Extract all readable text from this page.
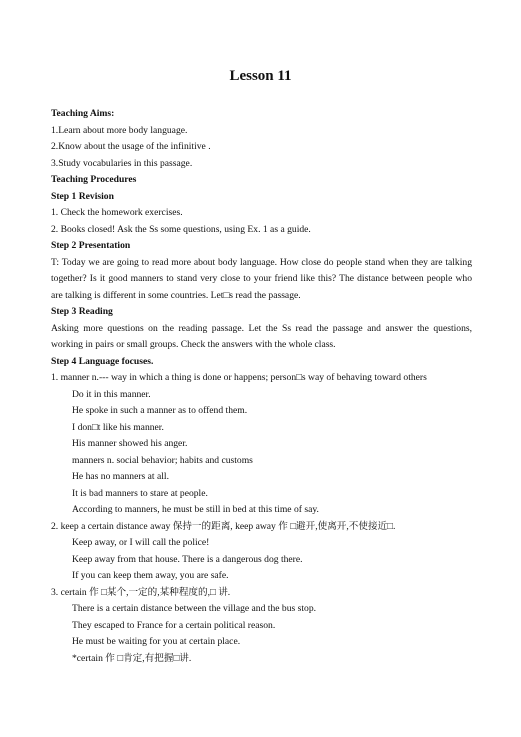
Lesson 11
Teaching Aims:
1.Learn about more body language.
2.Know about the usage of the infinitive .
3.Study vocabularies in this passage.
Teaching Procedures
Step 1 Revision
1. Check the homework exercises.
2. Books closed! Ask the Ss some questions, using Ex. 1 as a guide.
Step 2 Presentation
T: Today we are going to read more about body language. How close do people stand when they are talking together? Is it good manners to stand very close to your friend like this? The distance between people who are talking is different in some countries. Let□s read the passage.
Step 3 Reading
Asking more questions on the reading passage. Let the Ss read the passage and answer the questions, working in pairs or small groups. Check the answers with the whole class.
Step 4 Language focuses.
1. manner n.--- way in which a thing is done or happens; person□s way of behaving toward others
Do it in this manner.
He spoke in such a manner as to offend them.
I don□t like his manner.
His manner showed his anger.
manners n. social behavior; habits and customs
He has no manners at all.
It is bad manners to stare at people.
According to manners, he must be still in bed at this time of say.
2. keep a certain distance away 保持一的距离, keep away 作 □避开,使离开,不使接近□.
Keep away, or I will call the police!
Keep away from that house. There is a dangerous dog there.
If you can keep them away, you are safe.
3. certain 作 □某个,一定的,某种程度的,□ 讲.
There is a certain distance between the village and the bus stop.
They escaped to France for a certain political reason.
He must be waiting for you at certain place.
*certain 作 □肯定,有把握□讲.
